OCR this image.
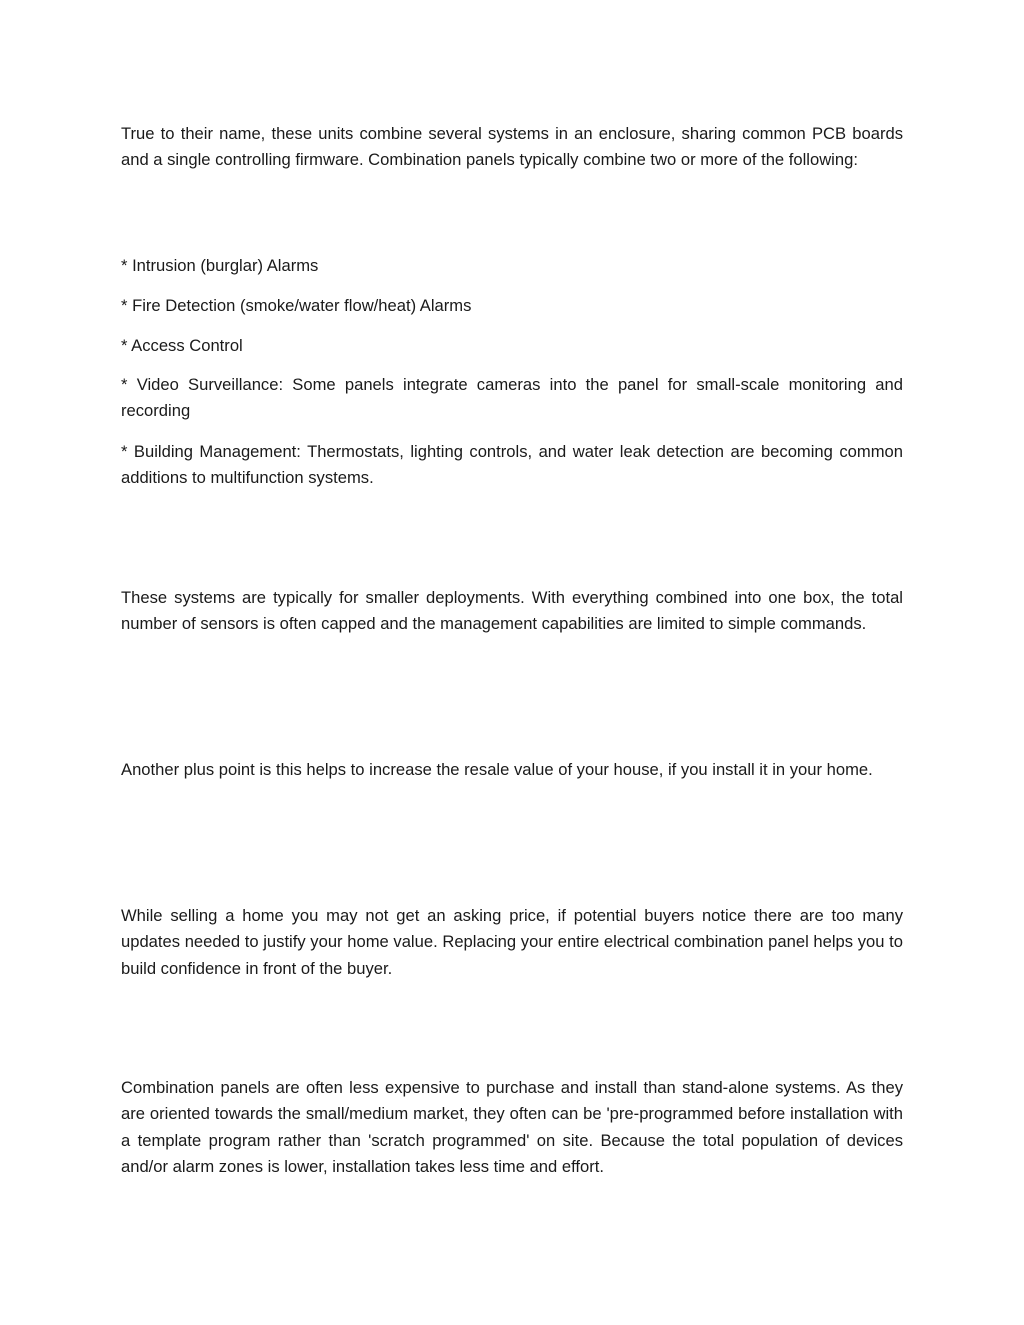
True to their name, these units combine several systems in an enclosure, sharing common PCB boards and a single controlling firmware. Combination panels typically combine two or more of the following:

* Intrusion (burglar) Alarms

* Fire Detection (smoke/water flow/heat) Alarms

* Access Control

* Video Surveillance: Some panels integrate cameras into the panel for small-scale monitoring and recording

* Building Management: Thermostats, lighting controls, and water leak detection are becoming common additions to multifunction systems.

These systems are typically for smaller deployments. With everything combined into one box, the total number of sensors is often capped and the management capabilities are limited to simple commands.

Another plus point is this helps to increase the resale value of your house, if you install it in your home.

While selling a home you may not get an asking price, if potential buyers notice there are too many updates needed to justify your home value. Replacing your entire electrical combination panel helps you to build confidence in front of the buyer.

Combination panels are often less expensive to purchase and install than stand-alone systems. As they are oriented towards the small/medium market, they often can be 'pre-programmed before installation with a template program rather than 'scratch programmed' on site. Because the total population of devices and/or alarm zones is lower, installation takes less time and effort.
